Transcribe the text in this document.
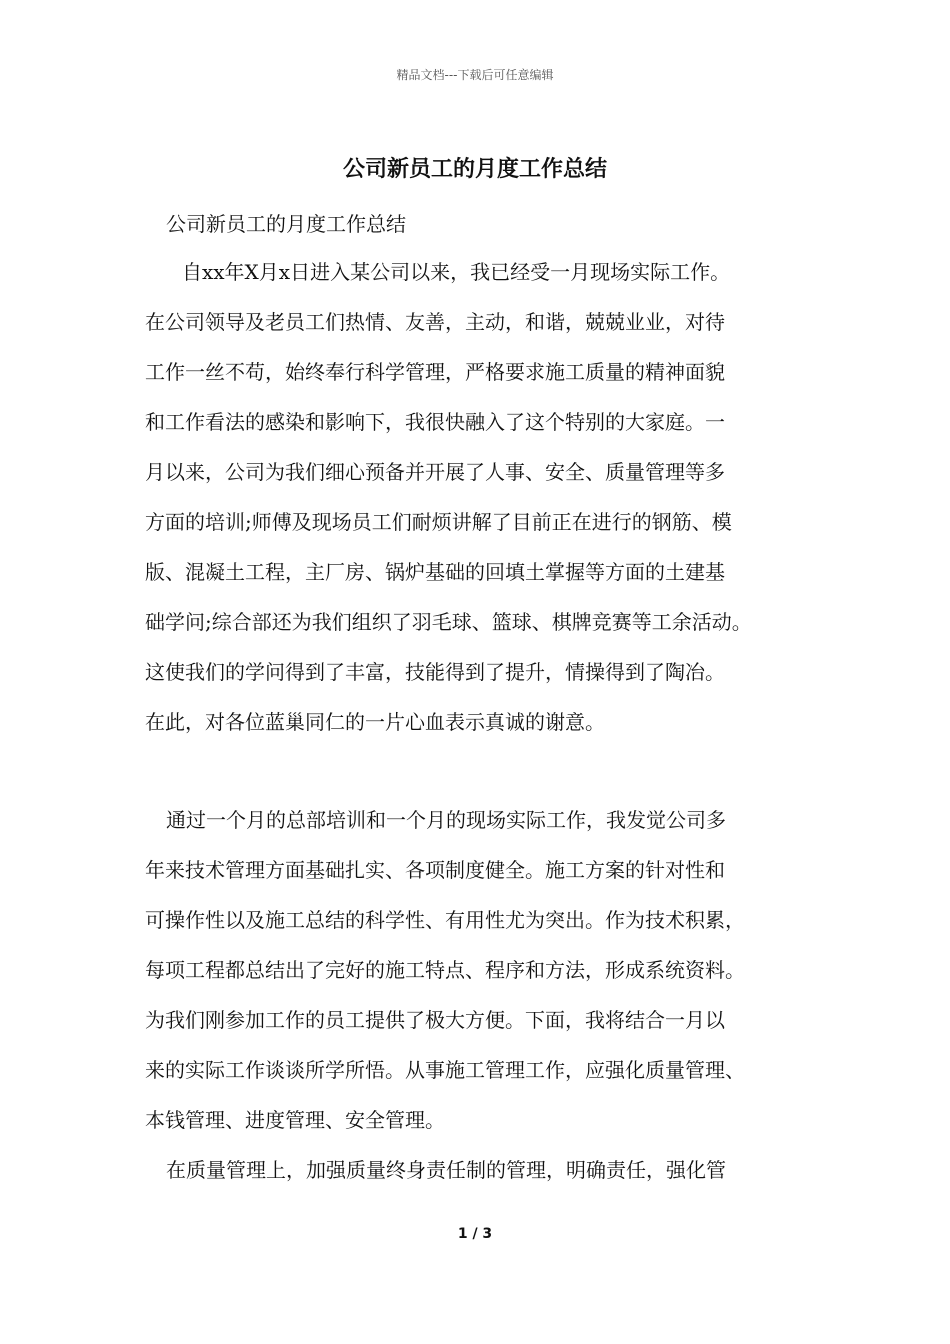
精品文档---下载后可任意编辑
公司新员工的月度工作总结
公司新员工的月度工作总结
自xx年X月x日进入某公司以来，我已经受一月现场实际工作。
在公司领导及老员工们热情、友善，主动，和谐，兢兢业业，对待
工作一丝不苟，始终奉行科学管理，严格要求施工质量的精神面貌
和工作看法的感染和影响下，我很快融入了这个特别的大家庭。一
月以来，公司为我们细心预备并开展了人事、安全、质量管理等多
方面的培训;师傅及现场员工们耐烦讲解了目前正在进行的钢筋、模
版、混凝土工程，主厂房、锅炉基础的回填土掌握等方面的土建基
础学问;综合部还为我们组织了羽毛球、篮球、棋牌竞赛等工余活动。
这使我们的学问得到了丰富，技能得到了提升，情操得到了陶冶。
在此，对各位蓝巢同仁的一片心血表示真诚的谢意。
通过一个月的总部培训和一个月的现场实际工作，我发觉公司多
年来技术管理方面基础扎实、各项制度健全。施工方案的针对性和
可操作性以及施工总结的科学性、有用性尤为突出。作为技术积累，
每项工程都总结出了完好的施工特点、程序和方法，形成系统资料。
为我们刚参加工作的员工提供了极大方便。下面，我将结合一月以
来的实际工作谈谈所学所悟。从事施工管理工作，应强化质量管理、
本钱管理、进度管理、安全管理。
在质量管理上，加强质量终身责任制的管理，明确责任，强化管
1 / 3
